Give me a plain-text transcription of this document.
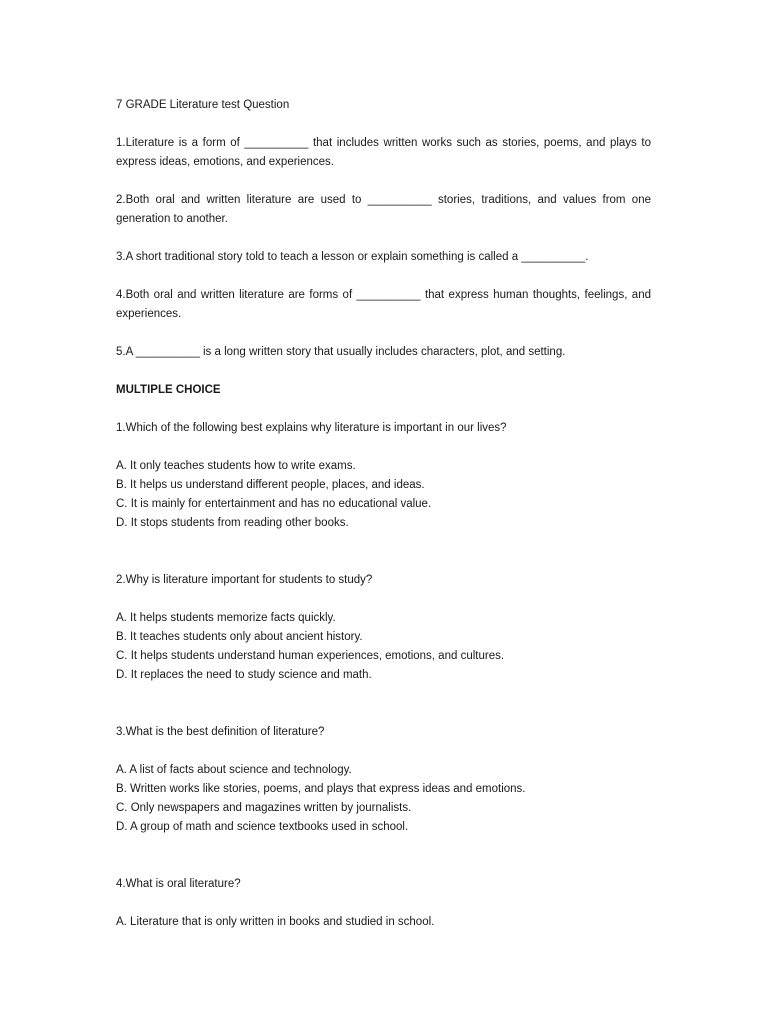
7 GRADE Literature test Question

1.Literature is a form of __________ that includes written works such as stories, poems, and plays to express ideas, emotions, and experiences.

2.Both oral and written literature are used to __________ stories, traditions, and values from one generation to another.

3.A short traditional story told to teach a lesson or explain something is called a __________.

4.Both oral and written literature are forms of __________ that express human thoughts, feelings, and experiences.

5.A __________ is a long written story that usually includes characters, plot, and setting.

MULTIPLE CHOICE

1.Which of the following best explains why literature is important in our lives?

A. It only teaches students how to write exams.
B. It helps us understand different people, places, and ideas.
C. It is mainly for entertainment and has no educational value.
D. It stops students from reading other books.

2.Why is literature important for students to study?

A. It helps students memorize facts quickly.
B. It teaches students only about ancient history.
C. It helps students understand human experiences, emotions, and cultures.
D. It replaces the need to study science and math.

3.What is the best definition of literature?

A. A list of facts about science and technology.
B. Written works like stories, poems, and plays that express ideas and emotions.
C. Only newspapers and magazines written by journalists.
D. A group of math and science textbooks used in school.

4.What is oral literature?

A. Literature that is only written in books and studied in school.
